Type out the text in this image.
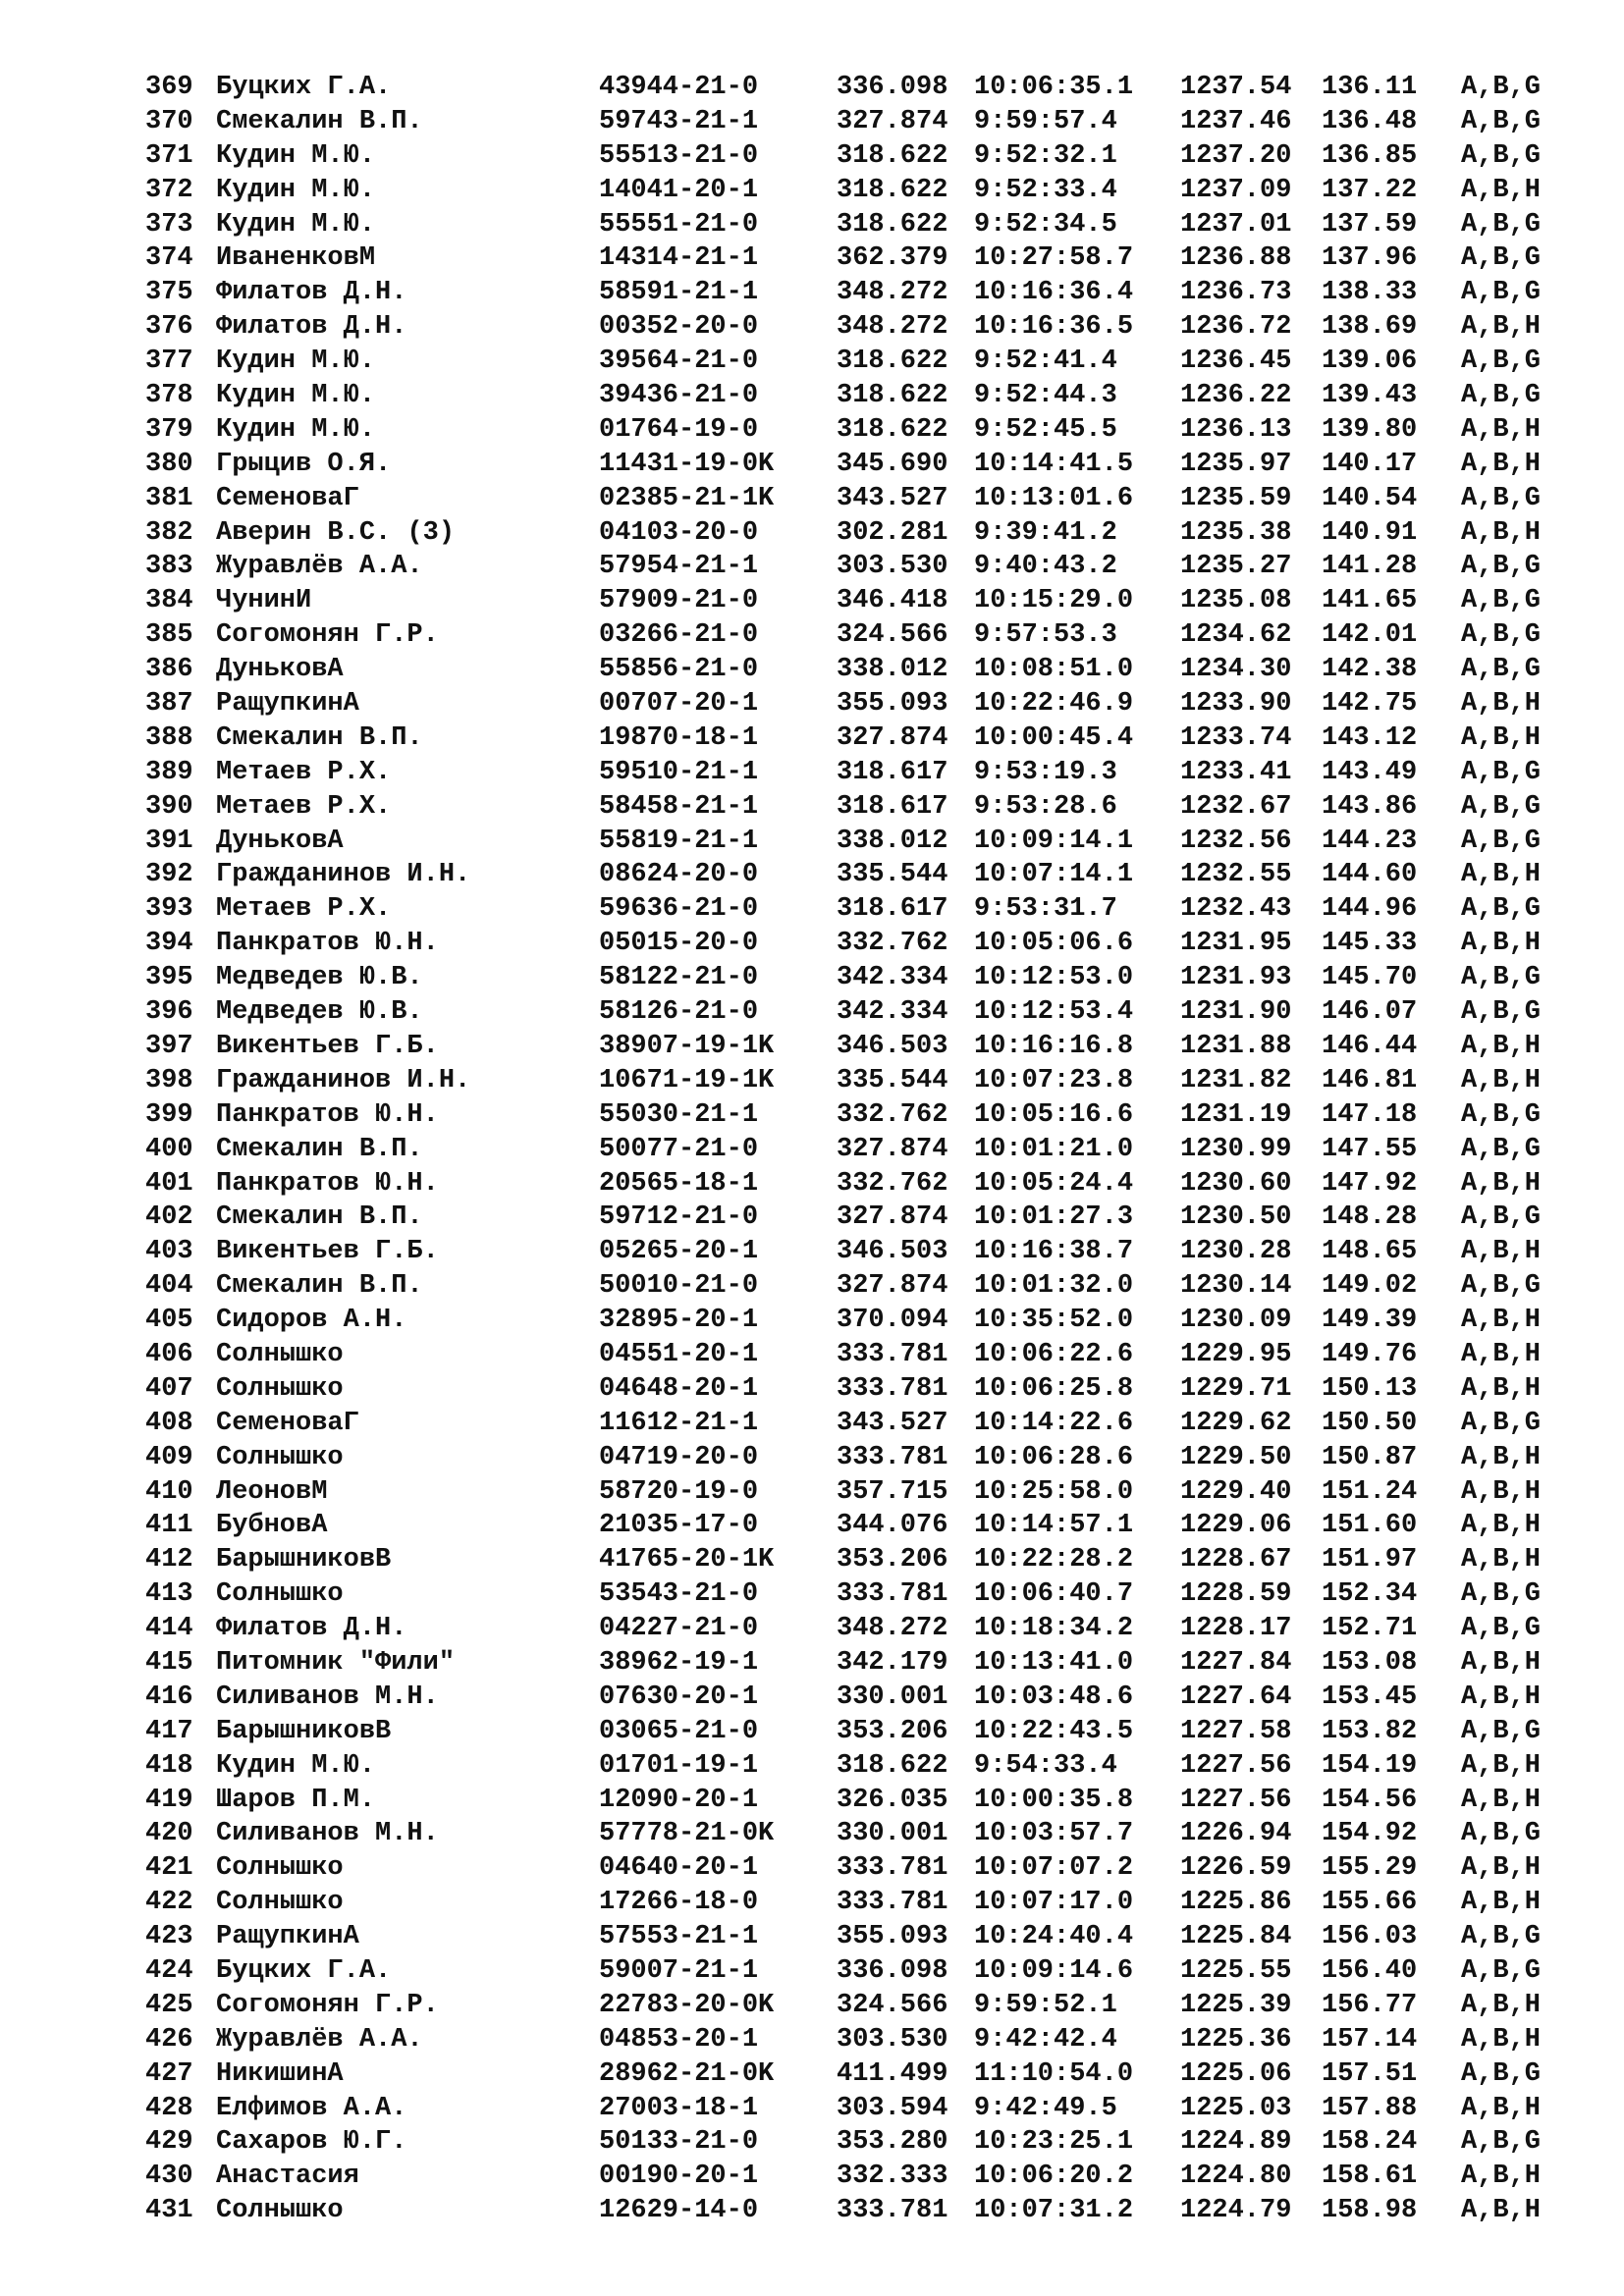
369 Буцких Г.А.	43944-21-0	336.098 10:06:35.1 1237.54 136.11 A,B,G
370 Смекалин В.П.	59743-21-1	327.874 9:59:57.4 1237.46 136.48 A,B,G
371 Кудин М.Ю.	55513-21-0	318.622 9:52:32.1 1237.20 136.85 A,B,G
372 Кудин М.Ю.	14041-20-1	318.622 9:52:33.4 1237.09 137.22 A,B,H
373 Кудин М.Ю.	55551-21-0	318.622 9:52:34.5 1237.01 137.59 A,B,G
374 ИваненковМ	14314-21-1	362.379 10:27:58.7 1236.88 137.96 A,B,G
375 Филатов Д.Н.	58591-21-1	348.272 10:16:36.4 1236.73 138.33 A,B,G
376 Филатов Д.Н.	00352-20-0	348.272 10:16:36.5 1236.72 138.69 A,B,H
377 Кудин М.Ю.	39564-21-0	318.622 9:52:41.4 1236.45 139.06 A,B,G
378 Кудин М.Ю.	39436-21-0	318.622 9:52:44.3 1236.22 139.43 A,B,G
379 Кудин М.Ю.	01764-19-0	318.622 9:52:45.5 1236.13 139.80 A,B,H
380 Грыцив О.Я.	11431-19-0K 345.690 10:14:41.5 1235.97 140.17 A,B,H
381 СеменоваГ	02385-21-1K 343.527 10:13:01.6 1235.59 140.54 A,B,G
382 Аверин В.С. (3)	04103-20-0	302.281 9:39:41.2 1235.38 140.91 A,B,H
383 Журавлёв А.А.	57954-21-1	303.530 9:40:43.2 1235.27 141.28 A,B,G
384 ЧунинИ	57909-21-0	346.418 10:15:29.0 1235.08 141.65 A,B,G
385 Согомонян Г.Р.	03266-21-0	324.566 9:57:53.3 1234.62 142.01 A,B,G
386 ДуньковА	55856-21-0	338.012 10:08:51.0 1234.30 142.38 A,B,G
387 РащупкинА	00707-20-1	355.093 10:22:46.9 1233.90 142.75 A,B,H
388 Смекалин В.П.	19870-18-1	327.874 10:00:45.4 1233.74 143.12 A,B,H
389 Метаев Р.Х.	59510-21-1	318.617 9:53:19.3 1233.41 143.49 A,B,G
390 Метаев Р.Х.	58458-21-1	318.617 9:53:28.6 1232.67 143.86 A,B,G
391 ДуньковА	55819-21-1	338.012 10:09:14.1 1232.56 144.23 A,B,G
392 Гражданинов И.Н.	08624-20-0	335.544 10:07:14.1 1232.55 144.60 A,B,H
393 Метаев Р.Х.	59636-21-0	318.617 9:53:31.7 1232.43 144.96 A,B,G
394 Панкратов Ю.Н.	05015-20-0	332.762 10:05:06.6 1231.95 145.33 A,B,H
395 Медведев Ю.В.	58122-21-0	342.334 10:12:53.0 1231.93 145.70 A,B,G
396 Медведев Ю.В.	58126-21-0	342.334 10:12:53.4 1231.90 146.07 A,B,G
397 Викентьев Г.Б.	38907-19-1K 346.503 10:16:16.8 1231.88 146.44 A,B,H
398 Гражданинов И.Н.	10671-19-1K 335.544 10:07:23.8 1231.82 146.81 A,B,H
399 Панкратов Ю.Н.	55030-21-1	332.762 10:05:16.6 1231.19 147.18 A,B,G
400 Смекалин В.П.	50077-21-0	327.874 10:01:21.0 1230.99 147.55 A,B,G
401 Панкратов Ю.Н.	20565-18-1	332.762 10:05:24.4 1230.60 147.92 A,B,H
402 Смекалин В.П.	59712-21-0	327.874 10:01:27.3 1230.50 148.28 A,B,G
403 Викентьев Г.Б.	05265-20-1	346.503 10:16:38.7 1230.28 148.65 A,B,H
404 Смекалин В.П.	50010-21-0	327.874 10:01:32.0 1230.14 149.02 A,B,G
405 Сидоров А.Н.	32895-20-1	370.094 10:35:52.0 1230.09 149.39 A,B,H
406 Солнышко	04551-20-1	333.781 10:06:22.6 1229.95 149.76 A,B,H
407 Солнышко	04648-20-1	333.781 10:06:25.8 1229.71 150.13 A,B,H
408 СеменоваГ	11612-21-1	343.527 10:14:22.6 1229.62 150.50 A,B,G
409 Солнышко	04719-20-0	333.781 10:06:28.6 1229.50 150.87 A,B,H
410 ЛеоновМ	58720-19-0	357.715 10:25:58.0 1229.40 151.24 A,B,H
411 БубновА	21035-17-0	344.076 10:14:57.1 1229.06 151.60 A,B,H
412 БарышниковВ	41765-20-1K 353.206 10:22:28.2 1228.67 151.97 A,B,H
413 Солнышко	53543-21-0	333.781 10:06:40.7 1228.59 152.34 A,B,G
414 Филатов Д.Н.	04227-21-0	348.272 10:18:34.2 1228.17 152.71 A,B,G
415 Питомник "Фили"	38962-19-1	342.179 10:13:41.0 1227.84 153.08 A,B,H
416 Силиванов М.Н.	07630-20-1	330.001 10:03:48.6 1227.64 153.45 A,B,H
417 БарышниковВ	03065-21-0	353.206 10:22:43.5 1227.58 153.82 A,B,G
418 Кудин М.Ю.	01701-19-1	318.622 9:54:33.4 1227.56 154.19 A,B,H
419 Шаров П.М.	12090-20-1	326.035 10:00:35.8 1227.56 154.56 A,B,H
420 Силиванов М.Н.	57778-21-0K 330.001 10:03:57.7 1226.94 154.92 A,B,G
421 Солнышко	04640-20-1	333.781 10:07:07.2 1226.59 155.29 A,B,H
422 Солнышко	17266-18-0	333.781 10:07:17.0 1225.86 155.66 A,B,H
423 РащупкинА	57553-21-1	355.093 10:24:40.4 1225.84 156.03 A,B,G
424 Буцких Г.А.	59007-21-1	336.098 10:09:14.6 1225.55 156.40 A,B,G
425 Согомонян Г.Р.	22783-20-0K 324.566 9:59:52.1 1225.39 156.77 A,B,H
426 Журавлёв А.А.	04853-20-1	303.530 9:42:42.4 1225.36 157.14 A,B,H
427 НикишинА	28962-21-0K 411.499 11:10:54.0 1225.06 157.51 A,B,G
428 Елфимов А.А.	27003-18-1	303.594 9:42:49.5 1225.03 157.88 A,B,H
429 Сахаров Ю.Г.	50133-21-0	353.280 10:23:25.1 1224.89 158.24 A,B,G
430 Анастасия	00190-20-1	332.333 10:06:20.2 1224.80 158.61 A,B,H
431 Солнышко	12629-14-0	333.781 10:07:31.2 1224.79 158.98 A,B,H
